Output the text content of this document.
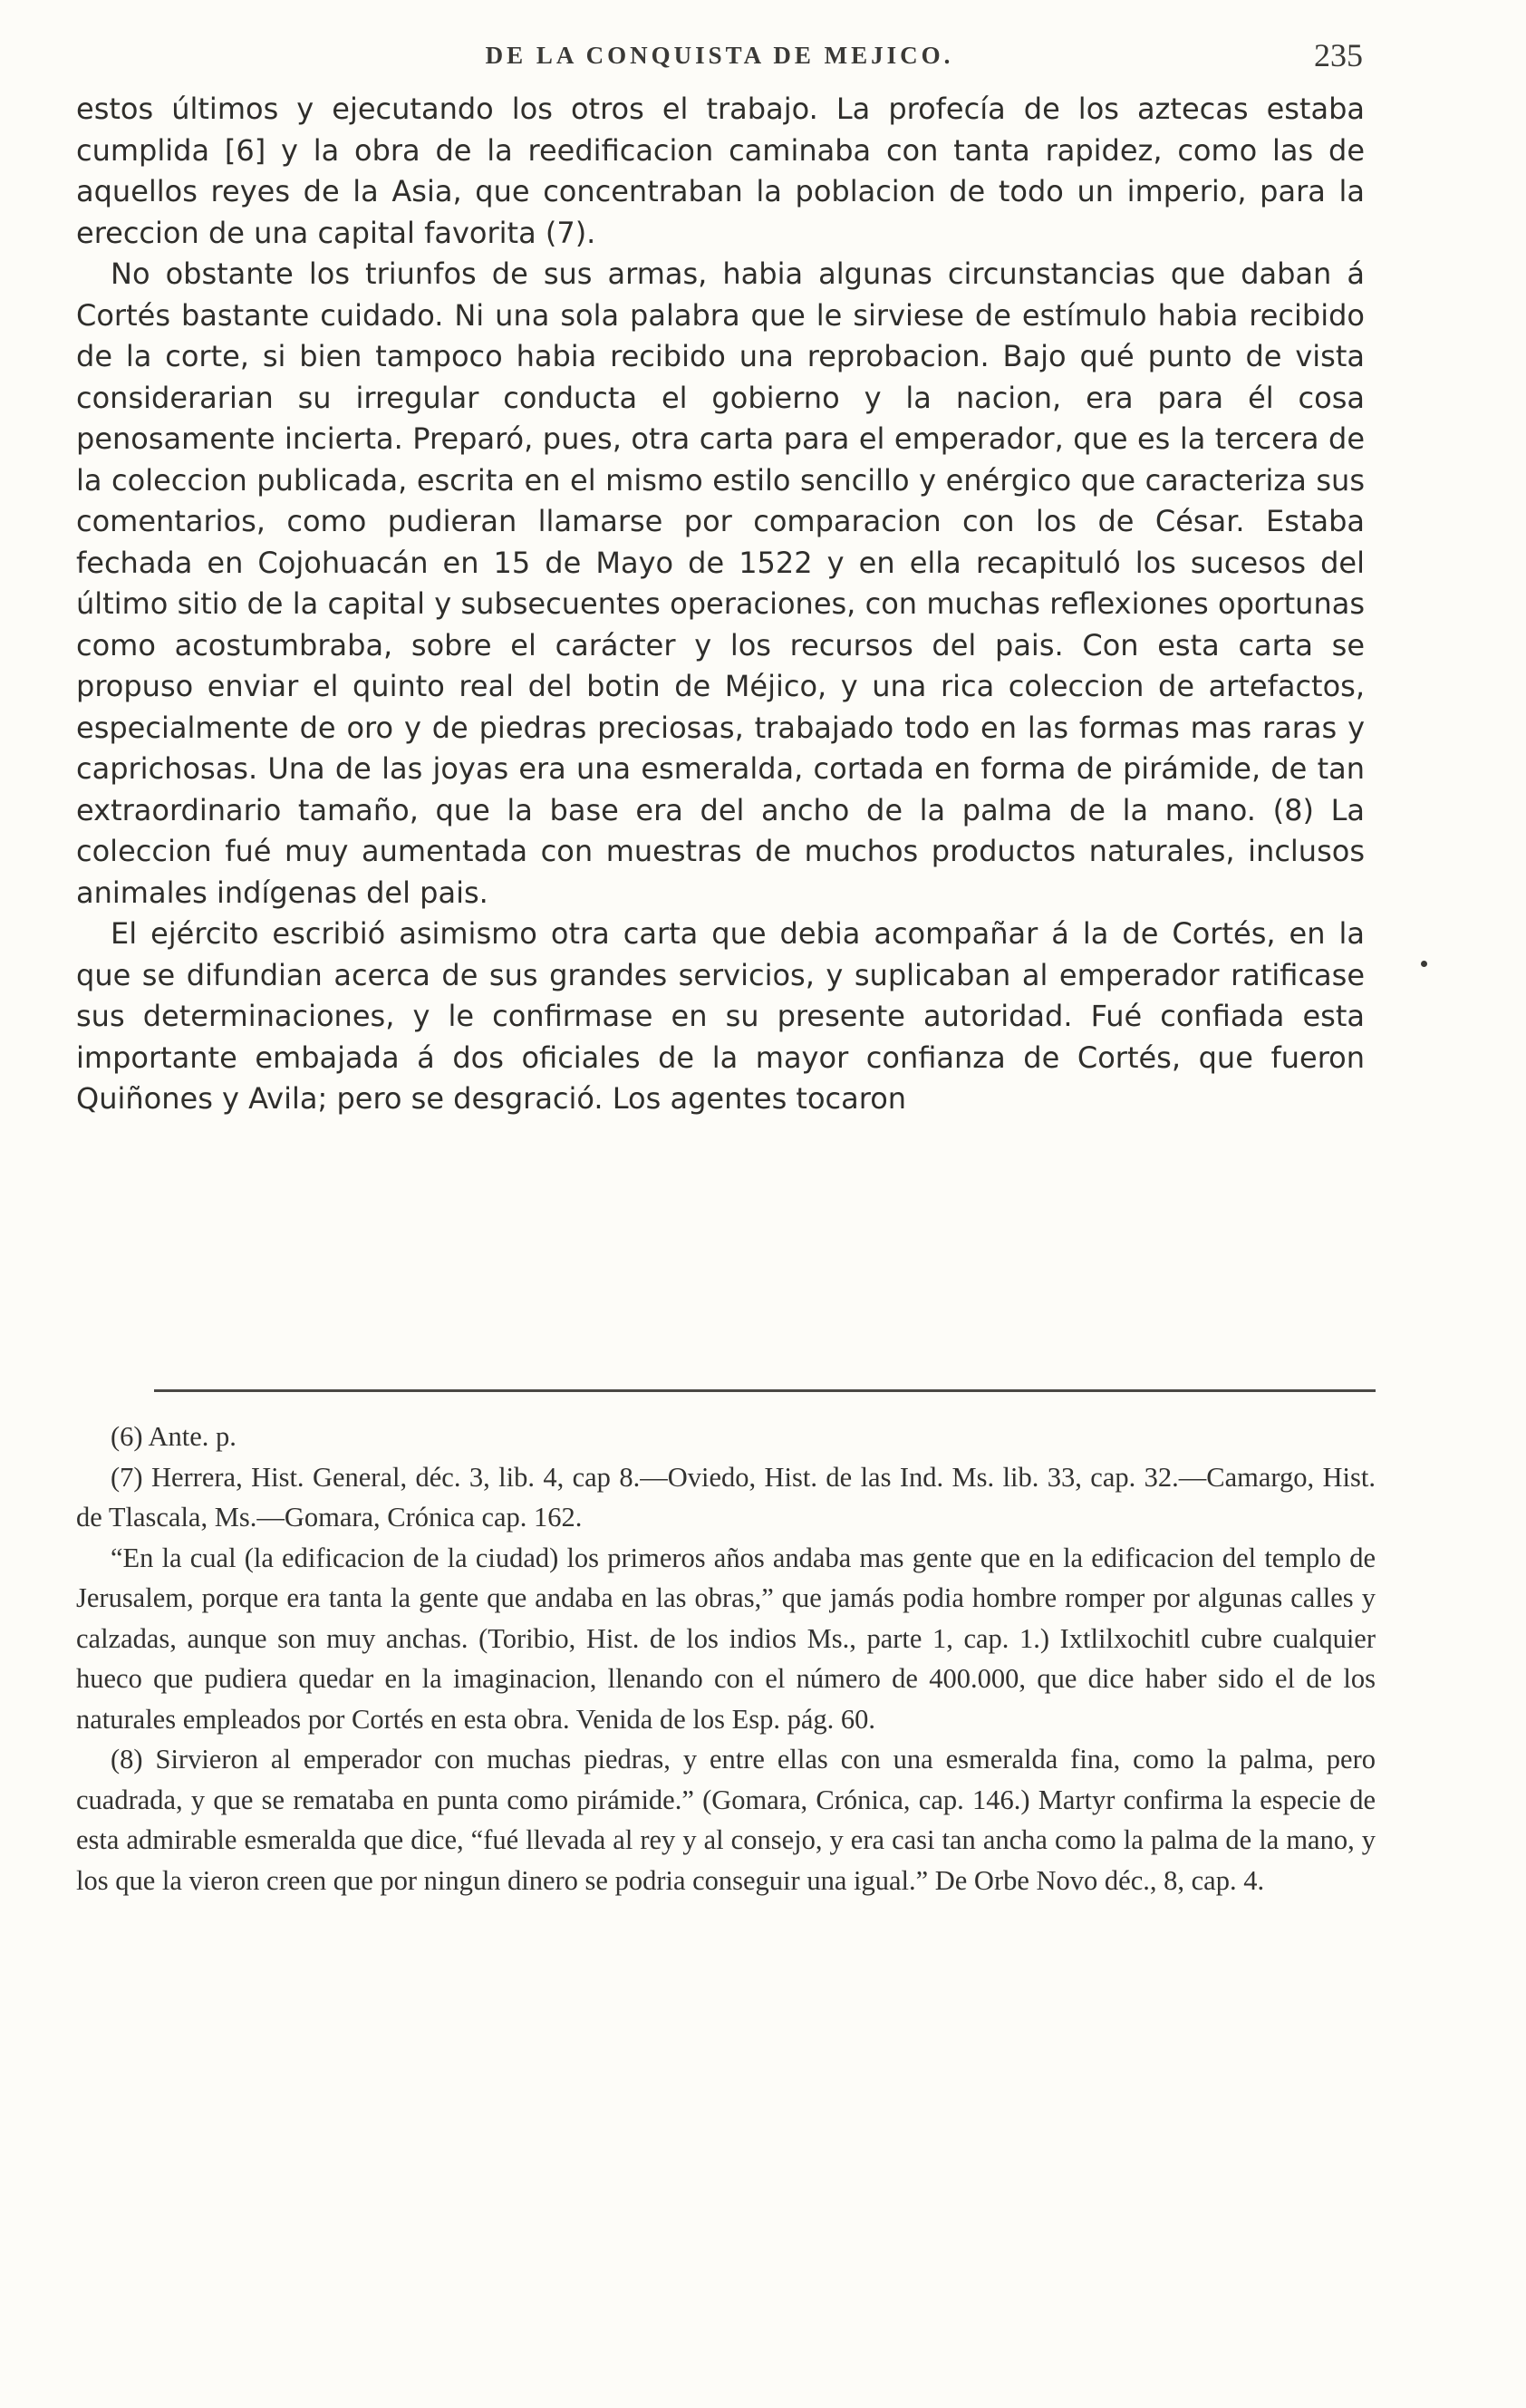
DE LA CONQUISTA DE MEJICO.	235

estos últimos y ejecutando los otros el trabajo. La profecía de los aztecas estaba cumplida [6] y la obra de la reedificacion caminaba con tanta rapidez, como las de aquellos reyes de la Asia, que concentraban la poblacion de todo un imperio, para la ereccion de una capital favorita (7).

No obstante los triunfos de sus armas, habia algunas circunstancias que daban á Cortés bastante cuidado. Ni una sola palabra que le sirviese de estímulo habia recibido de la corte, si bien tampoco habia recibido una reprobacion. Bajo qué punto de vista considerarian su irregular conducta el gobierno y la nacion, era para él cosa penosamente incierta. Preparó, pues, otra carta para el emperador, que es la tercera de la coleccion publicada, escrita en el mismo estilo sencillo y enérgico que caracteriza sus comentarios, como pudieran llamarse por comparacion con los de César. Estaba fechada en Cojohuacán en 15 de Mayo de 1522 y en ella recapituló los sucesos del último sitio de la capital y subsecuentes operaciones, con muchas reflexiones oportunas como acostumbraba, sobre el carácter y los recursos del pais. Con esta carta se propuso enviar el quinto real del botin de Méjico, y una rica coleccion de artefactos, especialmente de oro y de piedras preciosas, trabajado todo en las formas mas raras y caprichosas. Una de las joyas era una esmeralda, cortada en forma de pirámide, de tan extraordinario tamaño, que la base era del ancho de la palma de la mano. (8) La coleccion fué muy aumentada con muestras de muchos productos naturales, inclusos animales indígenas del pais.

El ejército escribió asimismo otra carta que debia acompañar á la de Cortés, en la que se difundian acerca de sus grandes servicios, y suplicaban al emperador ratificase sus determinaciones, y le confirmase en su presente autoridad. Fué confiada esta importante embajada á dos oficiales de la mayor confianza de Cortés, que fueron Quiñones y Avila; pero se desgració. Los agentes tocaron

(6) Ante. p.

(7) Herrera, Hist. General, déc. 3, lib. 4, cap 8.—Oviedo, Hist. de las Ind. Ms. lib. 33, cap. 32.—Camargo, Hist. de Tlascala, Ms.—Gomara, Crónica cap. 162.

“En la cual (la edificacion de la ciudad) los primeros años andaba mas gente que en la edificacion del templo de Jerusalem, porque era tanta la gente que andaba en las obras,” que jamás podia hombre romper por algunas calles y calzadas, aunque son muy anchas. (Toribio, Hist. de los indios Ms., parte 1, cap. 1.) Ixtlilxochitl cubre cualquier hueco que pudiera quedar en la imaginacion, llenando con el número de 400.000, que dice haber sido el de los naturales empleados por Cortés en esta obra. Venida de los Esp. pág. 60.

(8) Sirvieron al emperador con muchas piedras, y entre ellas con una esmeralda fina, como la palma, pero cuadrada, y que se remataba en punta como pirámide.” (Gomara, Crónica, cap. 146.) Martyr confirma la especie de esta admirable esmeralda que dice, “fué llevada al rey y al consejo, y era casi tan ancha como la palma de la mano, y los que la vieron creen que por ningun dinero se podria conseguir una igual.” De Orbe Novo déc., 8, cap. 4.
